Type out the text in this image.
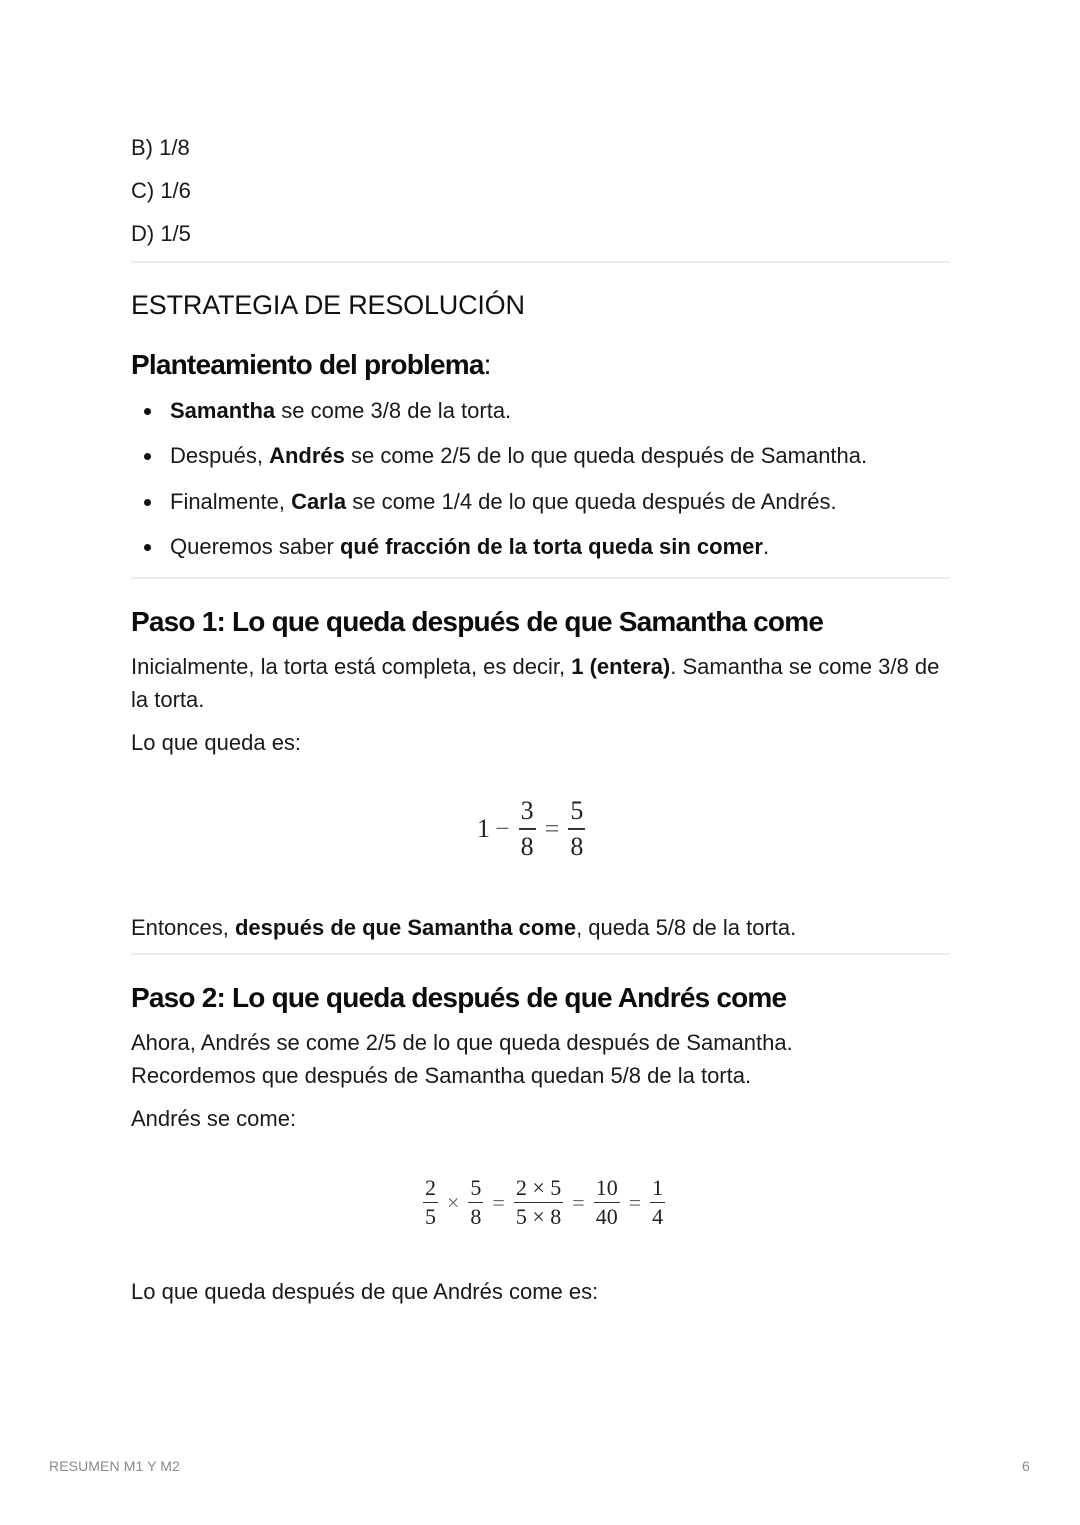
B) 1/8
C) 1/6
D) 1/5
ESTRATEGIA DE RESOLUCIÓN
Planteamiento del problema:
Samantha se come 3/8 de la torta.
Después, Andrés se come 2/5 de lo que queda después de Samantha.
Finalmente, Carla se come 1/4 de lo que queda después de Andrés.
Queremos saber qué fracción de la torta queda sin comer.
Paso 1: Lo que queda después de que Samantha come
Inicialmente, la torta está completa, es decir, 1 (entera). Samantha se come 3/8 de la torta.
Lo que queda es:
Entonces, después de que Samantha come, queda 5/8 de la torta.
Paso 2: Lo que queda después de que Andrés come
Ahora, Andrés se come 2/5 de lo que queda después de Samantha.
Recordemos que después de Samantha quedan 5/8 de la torta.
Andrés se come:
Lo que queda después de que Andrés come es:
$1 - \frac{3}{8} = \frac{5}{8}$
$\frac{2}{5} \times \frac{5}{8} = \frac{2 \times 5}{5 \times 8} = \frac{10}{40} = \frac{1}{4}$
RESUMEN M1 Y M2	6
